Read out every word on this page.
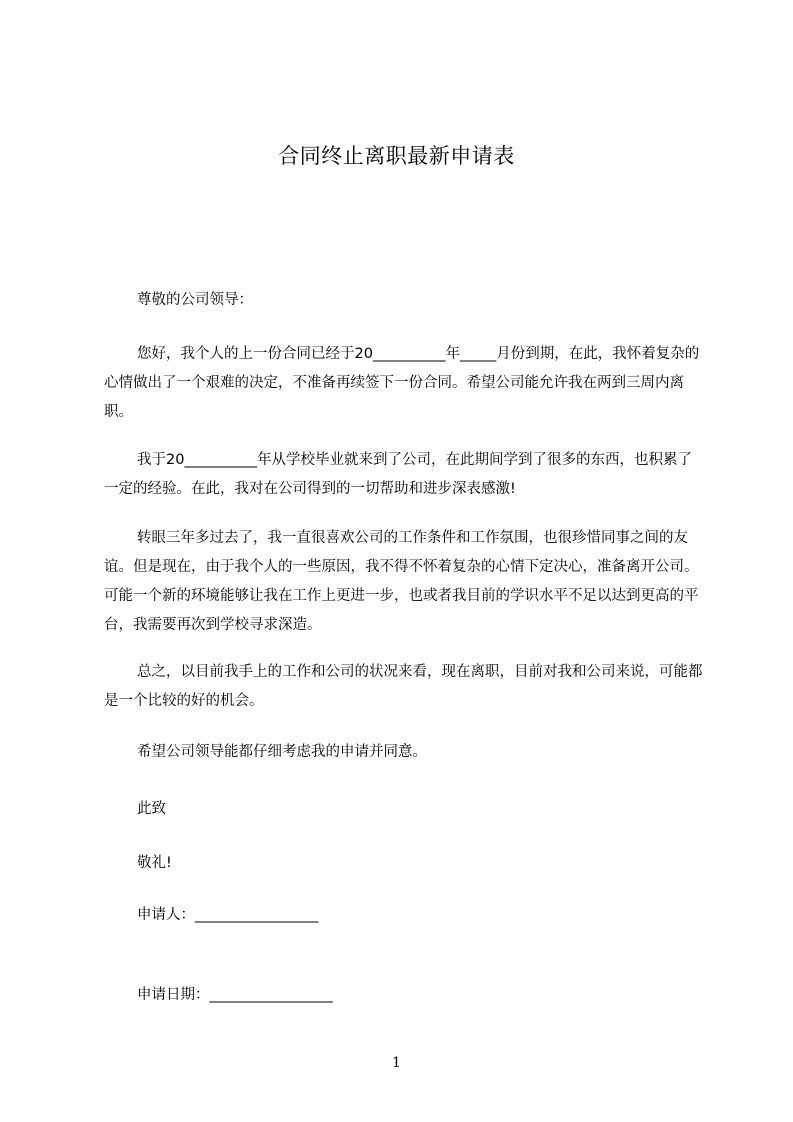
合同终止离职最新申请表

尊敬的公司领导：

您好，我个人的上一份合同已经于20__________年_____月份到期，在此，我怀着复杂的心情做出了一个艰难的决定，不准备再续签下一份合同。希望公司能允许我在两到三周内离职。

我于20__________年从学校毕业就来到了公司，在此期间学到了很多的东西，也积累了一定的经验。在此，我对在公司得到的一切帮助和进步深表感激!

转眼三年多过去了，我一直很喜欢公司的工作条件和工作氛围，也很珍惜同事之间的友谊。但是现在，由于我个人的一些原因，我不得不怀着复杂的心情下定决心，准备离开公司。可能一个新的环境能够让我在工作上更进一步，也或者我目前的学识水平不足以达到更高的平台，我需要再次到学校寻求深造。

总之，以目前我手上的工作和公司的状况来看，现在离职，目前对我和公司来说，可能都是一个比较的好的机会。

希望公司领导能都仔细考虑我的申请并同意。

此致

敬礼!

申请人：_________________

申请日期：_________________

1
